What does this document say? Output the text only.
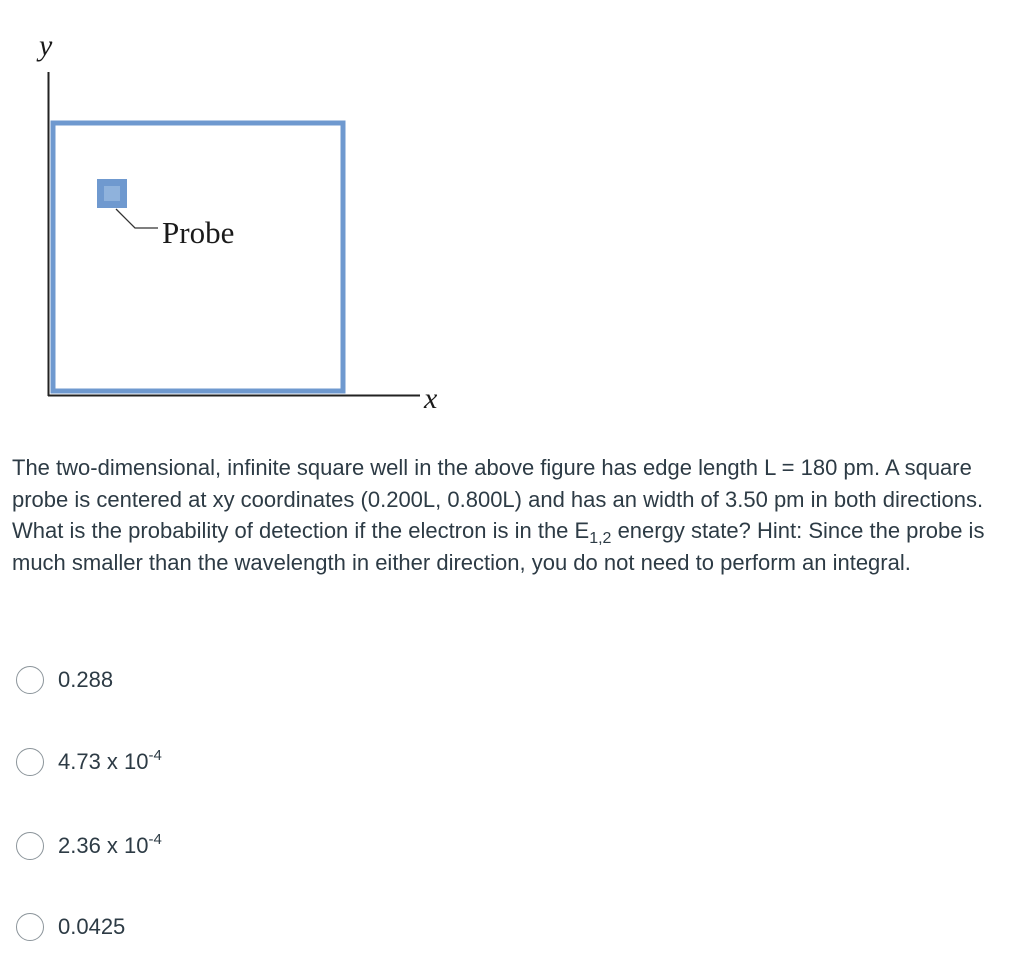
Probe
y
x

The two-dimensional, infinite square well in the above figure has edge length L = 180 pm. A square probe is centered at xy coordinates (0.200L, 0.800L) and has an width of 3.50 pm in both directions. What is the probability of detection if the electron is in the $E_{1,2}$ energy state? Hint: Since the probe is much smaller than the wavelength in either direction, you do not need to perform an integral.

0.288
4.73 x $10^{-4}$
2.36 x $10^{-4}$
0.0425
